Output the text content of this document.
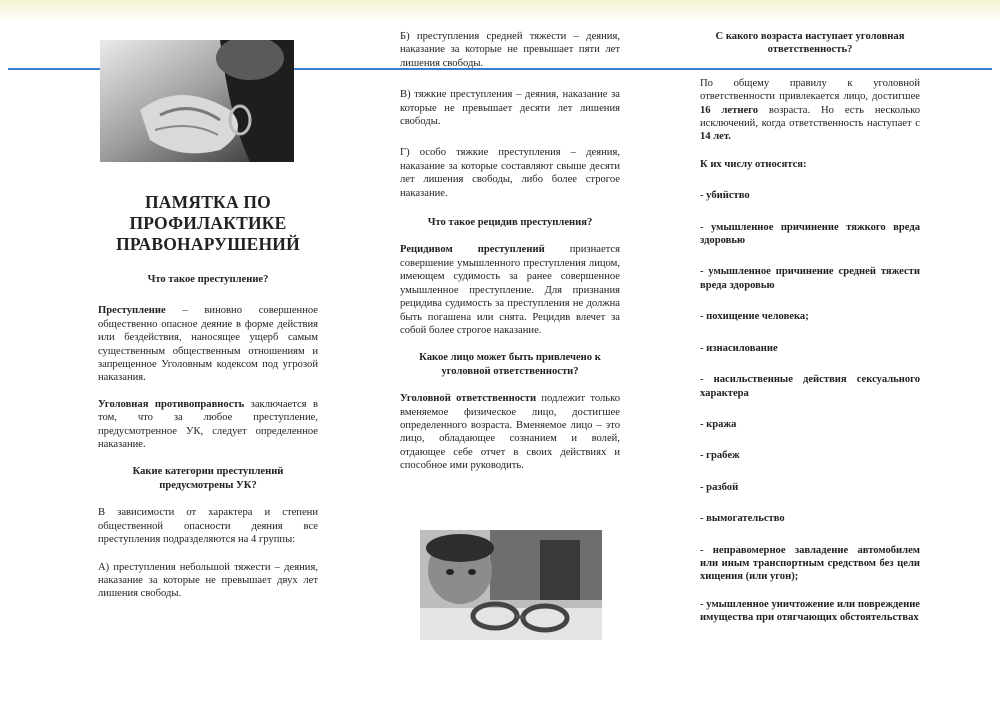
ПАМЯТКА ПО ПРОФИЛАКТИКЕ ПРАВОНАРУШЕНИЙ

Что такое преступление?

Преступление – виновно совершенное общественно опасное деяние в форме действия или бездействия, наносящее ущерб самым существенным общественным отношениям и запрещенное Уголовным кодексом под угрозой наказания.

Уголовная противоправность заключается в том, что за любое преступление, предусмотренное УК, следует определенное наказание.

Какие категории преступлений предусмотрены УК?

В зависимости от характера и степени общественной опасности деяния все преступления подразделяются на 4 группы:

А) преступления небольшой тяжести – деяния, наказание за которые не превышает двух лет лишения свободы.

Б) преступления средней тяжести – деяния, наказание за которые не превышает пяти лет лишения свободы.

В) тяжкие преступления – деяния, наказание за которые не превышает десяти лет лишения свободы.

Г) особо тяжкие преступления – деяния, наказание за которые составляют свыше десяти лет лишения свободы, либо более строгое наказание.

Что такое рецидив преступления?

Рецидивом преступлений признается совершение умышленного преступления лицом, имеющем судимость за ранее совершенное умышленное преступление. Для признания рецидива судимость за преступления не должна быть погашена или снята. Рецидив влечет за собой более строгое наказание.

Какое лицо может быть привлечено к уголовной ответственности?

Уголовной ответственности подлежит только вменяемое физическое лицо, достигшее определенного возраста. Вменяемое лицо – это лицо, обладающее сознанием и волей, отдающее себе отчет в своих действиях и способное ими руководить.

С какого возраста наступает уголовная ответственность?

По общему правилу к уголовной ответственности привлекается лицо, достигшее 16 летнего возраста. Но есть несколько исключений, когда ответственность наступает с 14 лет.

К их числу относятся:

- убийство

- умышленное причинение тяжкого вреда здоровью

- умышленное причинение средней тяжести вреда здоровью

- похищение человека;

- изнасилование

- насильственные действия сексуального характера

- кража

- грабеж

- разбой

- вымогательство

- неправомерное завладение автомобилем или иным транспортным средством без цели хищения (или угон);

- умышленное уничтожение или повреждение имущества при отягчающих обстоятельствах
